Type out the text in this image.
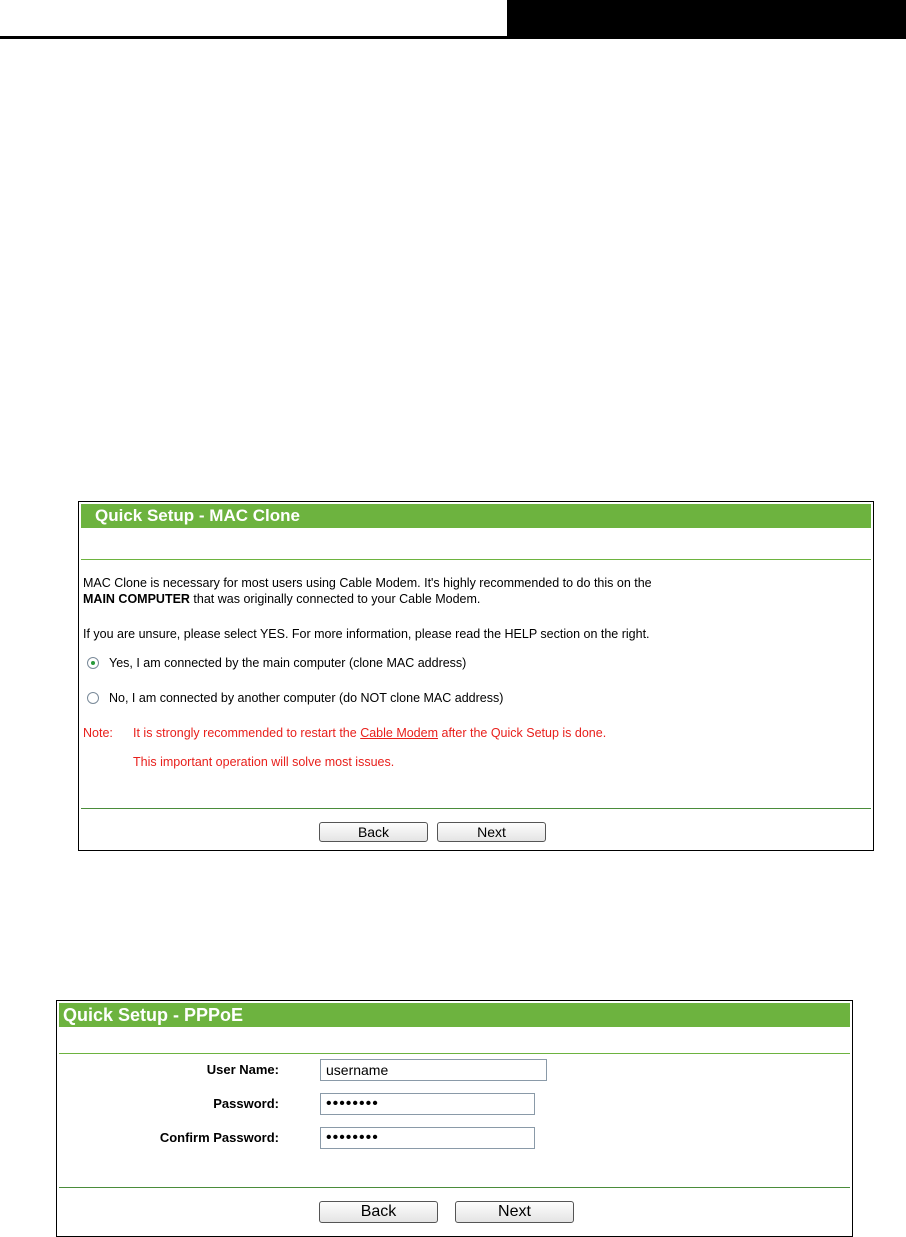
Quick Setup - MAC Clone
MAC Clone is necessary for most users using Cable Modem. It's highly recommended to do this on the
MAIN COMPUTER that was originally connected to your Cable Modem.
If you are unsure, please select YES. For more information, please read the HELP section on the right.
Yes, I am connected by the main computer (clone MAC address)
No, I am connected by another computer (do NOT clone MAC address)
Note: It is strongly recommended to restart the Cable Modem after the Quick Setup is done.
This important operation will solve most issues.
Back	Next
Quick Setup - PPPoE
User Name:
username
Password:
••••••••
Confirm Password:
••••••••
Back	Next
